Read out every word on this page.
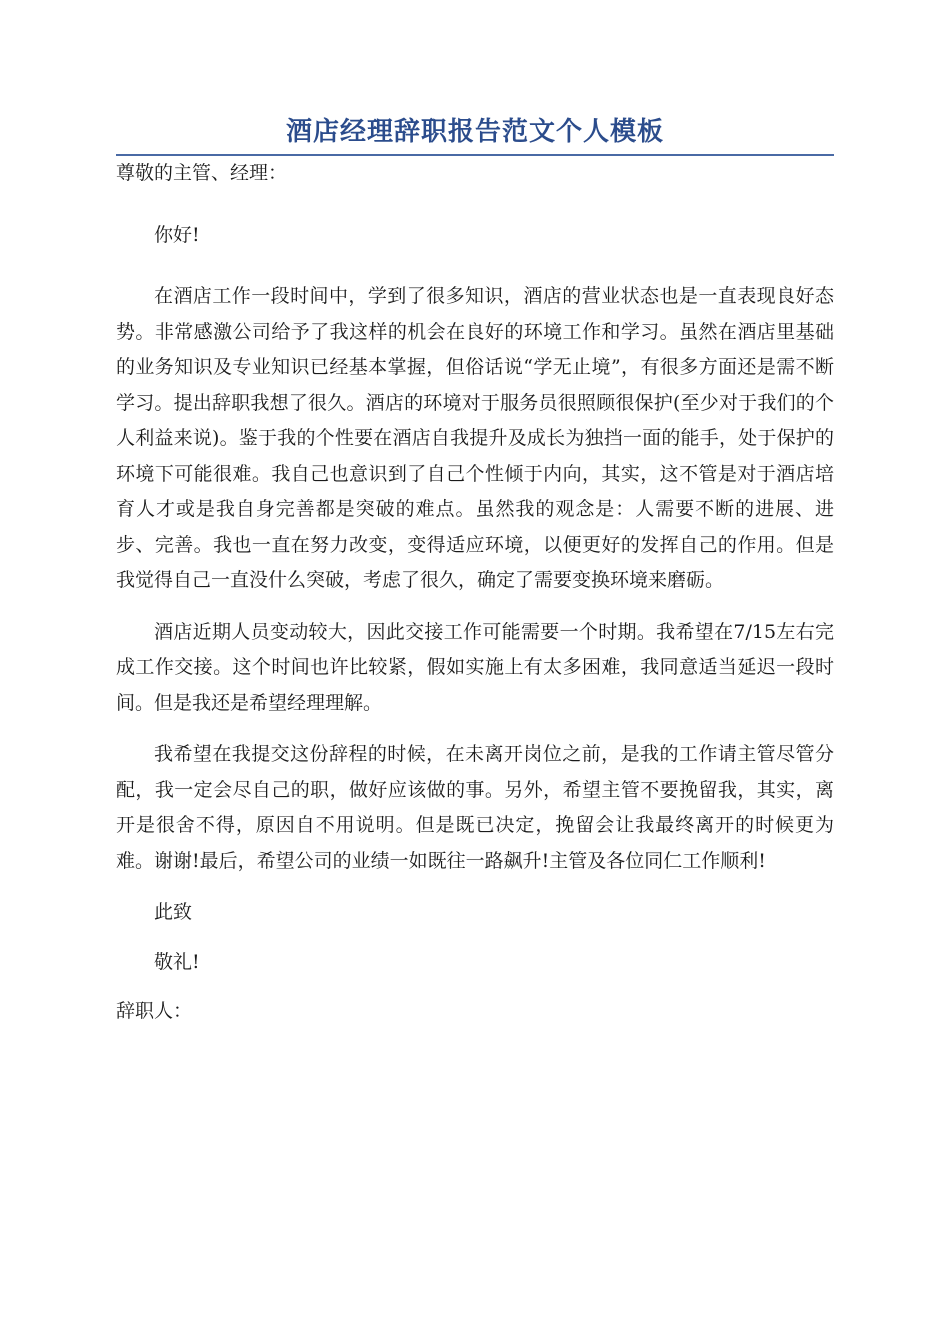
酒店经理辞职报告范文个人模板

尊敬的主管、经理：

你好!

在酒店工作一段时间中，学到了很多知识，酒店的营业状态也是一直表现良好态势。非常感激公司给予了我这样的机会在良好的环境工作和学习。虽然在酒店里基础的业务知识及专业知识已经基本掌握，但俗话说“学无止境”，有很多方面还是需不断学习。提出辞职我想了很久。酒店的环境对于服务员很照顾很保护(至少对于我们的个人利益来说)。鉴于我的个性要在酒店自我提升及成长为独挡一面的能手，处于保护的环境下可能很难。我自己也意识到了自己个性倾于内向，其实，这不管是对于酒店培育人才或是我自身完善都是突破的难点。虽然我的观念是：人需要不断的进展、进步、完善。我也一直在努力改变，变得适应环境，以便更好的发挥自己的作用。但是我觉得自己一直没什么突破，考虑了很久，确定了需要变换环境来磨砺。

酒店近期人员变动较大，因此交接工作可能需要一个时期。我希望在7/15左右完成工作交接。这个时间也许比较紧，假如实施上有太多困难，我同意适当延迟一段时间。但是我还是希望经理理解。

我希望在我提交这份辞程的时候，在未离开岗位之前，是我的工作请主管尽管分配，我一定会尽自己的职，做好应该做的事。另外，希望主管不要挽留我，其实，离开是很舍不得，原因自不用说明。但是既已决定，挽留会让我最终离开的时候更为难。谢谢!最后，希望公司的业绩一如既往一路飙升!主管及各位同仁工作顺利!

此致

敬礼!

辞职人：
